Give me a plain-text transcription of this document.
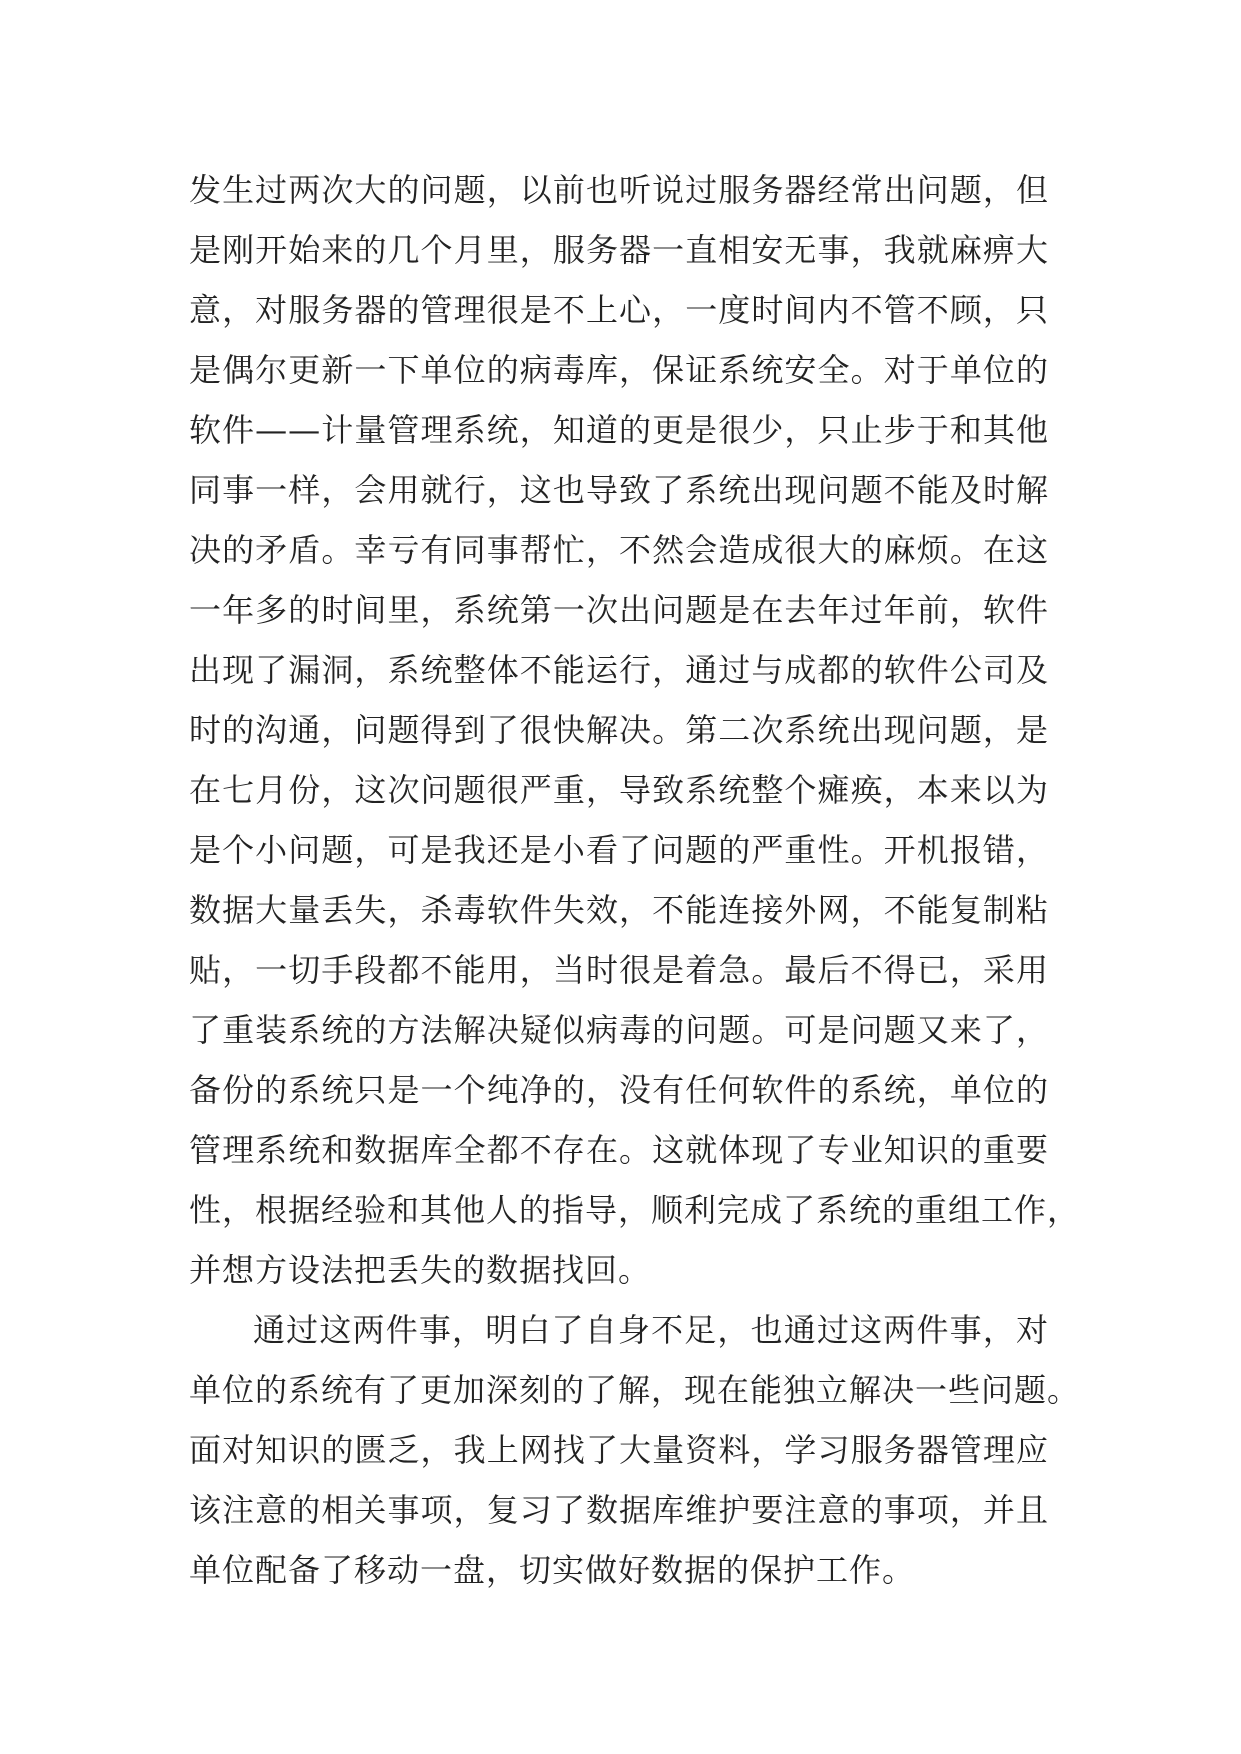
发生过两次大的问题，以前也听说过服务器经常出问题，但
是刚开始来的几个月里，服务器一直相安无事，我就麻痹大
意，对服务器的管理很是不上心，一度时间内不管不顾，只
是偶尔更新一下单位的病毒库，保证系统安全。对于单位的
软件——计量管理系统，知道的更是很少，只止步于和其他
同事一样，会用就行，这也导致了系统出现问题不能及时解
决的矛盾。幸亏有同事帮忙，不然会造成很大的麻烦。在这
一年多的时间里，系统第一次出问题是在去年过年前，软件
出现了漏洞，系统整体不能运行，通过与成都的软件公司及
时的沟通，问题得到了很快解决。第二次系统出现问题，是
在七月份，这次问题很严重，导致系统整个瘫痪，本来以为
是个小问题，可是我还是小看了问题的严重性。开机报错，
数据大量丢失，杀毒软件失效，不能连接外网，不能复制粘
贴，一切手段都不能用，当时很是着急。最后不得已，采用
了重装系统的方法解决疑似病毒的问题。可是问题又来了，
备份的系统只是一个纯净的，没有任何软件的系统，单位的
管理系统和数据库全都不存在。这就体现了专业知识的重要
性，根据经验和其他人的指导，顺利完成了系统的重组工作，
并想方设法把丢失的数据找回。
通过这两件事，明白了自身不足，也通过这两件事，对
单位的系统有了更加深刻的了解，现在能独立解决一些问题。
面对知识的匮乏，我上网找了大量资料，学习服务器管理应
该注意的相关事项，复习了数据库维护要注意的事项，并且
单位配备了移动一盘，切实做好数据的保护工作。
